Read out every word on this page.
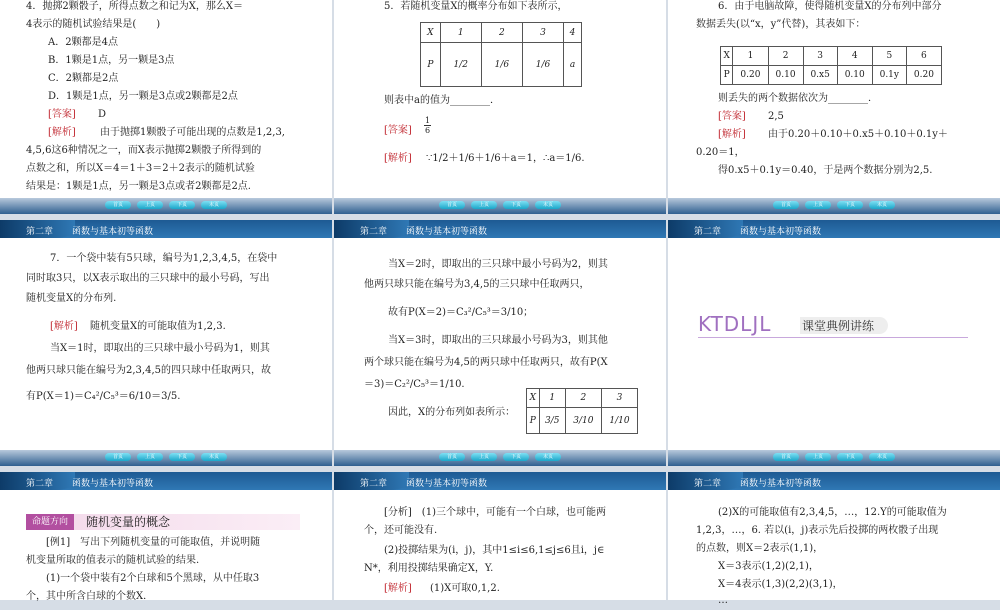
4．抛掷2颗骰子，所得点数之和记为X，那么X＝
4表示的随机试验结果是(　　)
A．2颗都是4点
B．1颗是1点，另一颗是3点
C．2颗都是2点
D．1颗是1点，另一颗是3点或2颗都是2点
[答案] D
[解析] 由于抛掷1颗骰子可能出现的点数是1,2,3,
4,5,6这6种情况之一，而X表示抛掷2颗骰子所得到的
点数之和，所以X＝4＝1＋3＝2＋2表示的随机试验
结果是：1颗是1点，另一颗是3点或者2颗都是2点.
首页	上页	下页	末页
5．若随机变量X的概率分布如下表所示，
X	1	2	3	4
P	1/2	1/6	1/6	a
则表中a的值为________．
[答案] $\frac{1}{6}$
[解析] ∵1/2＋1/6＋1/6＋a＝1，∴a＝1/6.
首页	上页	下页	末页
6．由于电脑故障，使得随机变量X的分布列中部分
数据丢失(以“x，y”代替)，其表如下：
X	1	2	3	4	5	6
P	0.20	0.10	0.x5	0.10	0.1y	0.20
则丢失的两个数据依次为________．
[答案] 2,5
[解析] 由于0.20＋0.10＋0.x5＋0.10＋0.1y＋
0.20＝1，
得0.x5＋0.1y＝0.40，于是两个数据分别为2,5.
首页	上页	下页	末页
第二章 函数与基本初等函数
7．一个袋中装有5只球，编号为1,2,3,4,5，在袋中
同时取3只，以X表示取出的三只球中的最小号码，写出
随机变量X的分布列.
[解析] 随机变量X的可能取值为1,2,3.
当X＝1时，即取出的三只球中最小号码为1，则其
他两只球只能在编号为2,3,4,5的四只球中任取两只，故
有P(X＝1)＝C₄²/C₅³＝6/10＝3/5.
首页	上页	下页	末页
第二章 函数与基本初等函数
当X＝2时，即取出的三只球中最小号码为2，则其
他两只球只能在编号为3,4,5的三只球中任取两只，
故有P(X＝2)＝C₃²/C₅³＝3/10；
当X＝3时，即取出的三只球最小号码为3，则其他
两个球只能在编号为4,5的两只球中任取两只，故有P(X
＝3)＝C₂²/C₅³＝1/10.
因此，X的分布列如表所示：
X	1	2	3
P	3/5	3/10	1/10
首页	上页	下页	末页
第二章 函数与基本初等函数
KTDLJL	课堂典例讲练
首页	上页	下页	末页
第二章 函数与基本初等函数
命题方向	随机变量的概念
[例1]　写出下列随机变量的可能取值，并说明随
机变量所取的值表示的随机试验的结果.
(1)一个袋中装有2个白球和5个黑球，从中任取3
个，其中所含白球的个数X．
第二章 函数与基本初等函数
[分析]　(1)三个球中，可能有一个白球，也可能两
个，还可能没有.
(2)投掷结果为(i，j)，其中1≤i≤6,1≤j≤6且i，j∈
N*，利用投掷结果确定X，Y.
[解析] (1)X可取0,1,2.
第二章 函数与基本初等函数
(2)X的可能取值有2,3,4,5，…，12.Y的可能取值为
1,2,3，…，6. 若以(i，j)表示先后投掷的两枚骰子出现
的点数，则X＝2表示(1,1)，
X＝3表示(1,2)(2,1)，
X＝4表示(1,3)(2,2)(3,1)，
…
